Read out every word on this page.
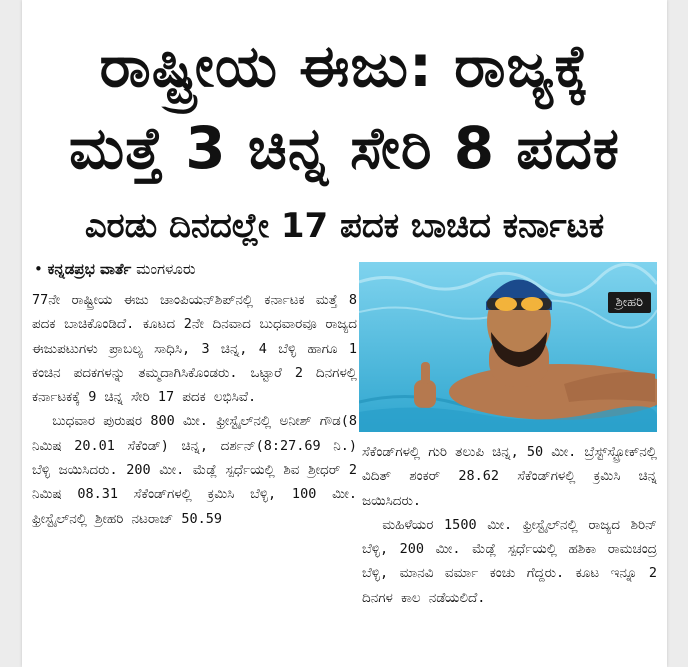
ರಾಷ್ಟ್ರೀಯ ಈಜು: ರಾಜ್ಯಕ್ಕೆ
ಮತ್ತೆ 3 ಚಿನ್ನ ಸೇರಿ 8 ಪದಕ
ಎರಡು ದಿನದಲ್ಲೇ 17 ಪದಕ ಬಾಚಿದ ಕರ್ನಾಟಕ
• ಕನ್ನಡಪ್ರಭ ವಾರ್ತೆ ಮಂಗಳೂರು

77ನೇ ರಾಷ್ಟ್ರೀಯ ಈಜು ಚಾಂಪಿಯನ್‌ಶಿಪ್‌ನಲ್ಲಿ ಕರ್ನಾಟಕ ಮತ್ತೆ 8 ಪದಕ ಬಾಚಿಕೊಂಡಿದೆ. ಕೂಟದ 2ನೇ ದಿನವಾದ ಬುಧವಾರವೂ ರಾಜ್ಯದ ಈಜುಪಟುಗಳು ಪ್ರಾಬಲ್ಯ ಸಾಧಿಸಿ, 3 ಚಿನ್ನ, 4 ಬೆಳ್ಳಿ ಹಾಗೂ 1 ಕಂಚಿನ ಪದಕಗಳನ್ನು ತಮ್ಮದಾಗಿಸಿಕೊಂಡರು. ಒಟ್ಟಾರೆ 2 ದಿನಗಳಲ್ಲಿ ಕರ್ನಾಟಕಕ್ಕೆ 9 ಚಿನ್ನ ಸೇರಿ 17 ಪದಕ ಲಭಿಸಿವೆ.

ಬುಧವಾರ ಪುರುಷರ 800 ಮೀ. ಫ್ರೀಸ್ಟೈಲ್‌ನಲ್ಲಿ ಅನೀಶ್ ಗೌಡ(8 ನಿಮಿಷ 20.01 ಸೆಕೆಂಡ್) ಚಿನ್ನ, ದರ್ಶನ್(8:27.69 ನಿ.) ಬೆಳ್ಳಿ ಜಯಿಸಿದರು. 200 ಮೀ. ಮೆಡ್ಲೆ ಸ್ಪರ್ಧೆಯಲ್ಲಿ ಶಿವ ಶ್ರೀಧರ್ 2 ನಿಮಿಷ 08.31 ಸೆಕೆಂಡ್‌ಗಳಲ್ಲಿ ಕ್ರಮಿಸಿ ಬೆಳ್ಳಿ, 100 ಮೀ. ಫ್ರೀಸ್ಟೈಲ್‌ನಲ್ಲಿ ಶ್ರೀಹರಿ ನಟರಾಜ್ 50.59

ಶ್ರೀಹರಿ

ಸೆಕೆಂಡ್‌ಗಳಲ್ಲಿ ಗುರಿ ತಲುಪಿ ಚಿನ್ನ, 50 ಮೀ. ಬ್ರೆಸ್ಟ್‌ಸ್ಟ್ರೋಕ್‌ನಲ್ಲಿ ವಿದಿತ್ ಶಂಕರ್ 28.62 ಸೆಕೆಂಡ್‌ಗಳಲ್ಲಿ ಕ್ರಮಿಸಿ ಚಿನ್ನ ಜಯಿಸಿದರು.

ಮಹಿಳೆಯರ 1500 ಮೀ. ಫ್ರೀಸ್ಟೈಲ್‌ನಲ್ಲಿ ರಾಜ್ಯದ ಶಿರಿನ್ ಬೆಳ್ಳಿ, 200 ಮೀ. ಮೆಡ್ಲೆ ಸ್ಪರ್ಧೆಯಲ್ಲಿ ಹಶಿಕಾ ರಾಮಚಂದ್ರ ಬೆಳ್ಳಿ, ಮಾನವಿ ವರ್ಮಾ ಕಂಚು ಗೆದ್ದರು. ಕೂಟ ಇನ್ನೂ 2 ದಿನಗಳ ಕಾಲ ನಡೆಯಲಿದೆ.
